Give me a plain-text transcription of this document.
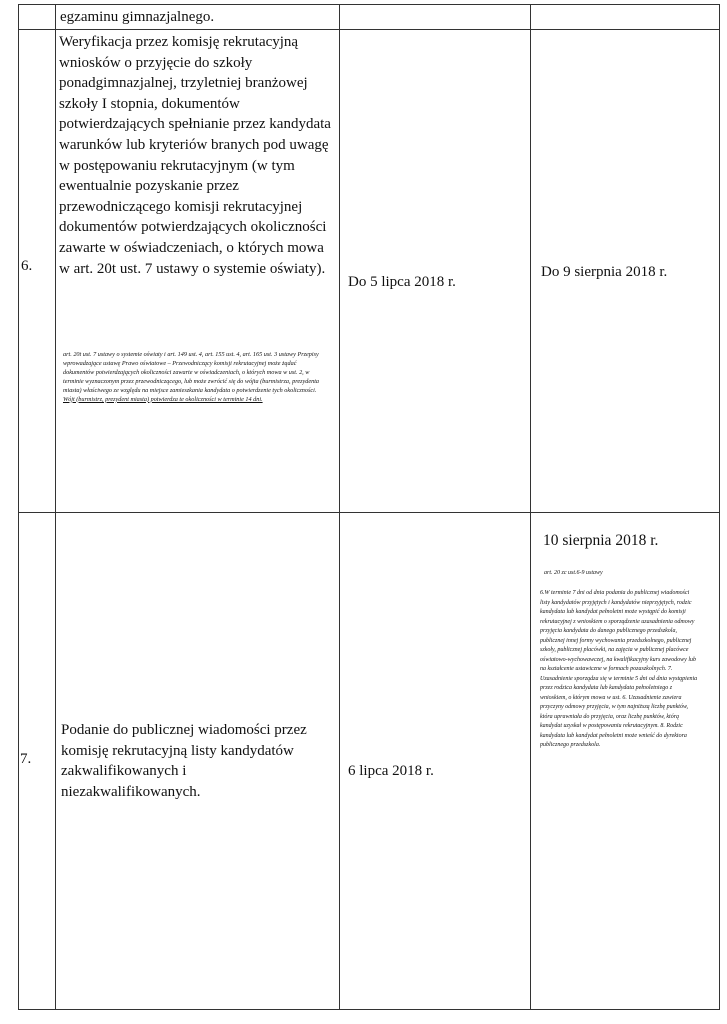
egzaminu gimnazjalnego.
6.
Weryfikacja przez komisję rekrutacyjną wniosków o przyjęcie do szkoły ponadgimnazjalnej, trzyletniej branżowej szkoły I stopnia, dokumentów potwierdzających spełnianie przez kandydata warunków lub kryteriów branych pod uwagę w postępowaniu rekrutacyjnym (w tym ewentualnie pozyskanie przez przewodniczącego komisji rekrutacyjnej dokumentów potwierdzających okoliczności zawarte w oświadczeniach, o których mowa w art. 20t ust. 7 ustawy o systemie oświaty).
art. 20t ust. 7 ustawy o systemie oświaty i art. 149 ust. 4, art. 155 ust. 4, art. 165 ust. 3 ustawy Przepisy wprowadzające ustawę Prawo oświatowe – Przewodniczący komisji rekrutacyjnej może żądać dokumentów potwierdzających okoliczności zawarte w oświadczeniach, o których mowa w ust. 2, w terminie wyznaczonym przez przewodniczącego, lub może zwrócić się do wójta (burmistrza, prezydenta miasta) właściwego ze względu na miejsce zamieszkania kandydata o potwierdzenie tych okoliczności. Wójt (burmistrz, prezydent miasta) potwierdza te okoliczności w terminie 14 dni.
Do 5 lipca 2018 r.
Do 9 sierpnia 2018 r.
7.
Podanie do publicznej wiadomości przez komisję rekrutacyjną listy kandydatów zakwalifikowanych i niezakwalifikowanych.
6 lipca 2018 r.
10 sierpnia 2018 r.
art. 20 zc ust.6-9 ustawy
6.W terminie 7 dni od dnia podania do publicznej wiadomości listy kandydatów przyjętych i kandydatów nieprzyjętych, rodzic kandydata lub kandydat pełnoletni może wystąpić do komisji rekrutacyjnej z wnioskiem o sporządzenie uzasadnienia odmowy przyjęcia kandydata do danego publicznego przedszkola, publicznej innej formy wychowania przedszkolnego, publicznej szkoły, publicznej placówki, na zajęcia w publicznej placówce oświatowo-wychowawczej, na kwalifikacyjny kurs zawodowy lub na kształcenie ustawiczne w formach pozaszkolnych. 7. Uzasadnienie sporządza się w terminie 5 dni od dnia wystąpienia przez rodzica kandydata lub kandydata pełnoletniego z wnioskiem, o którym mowa w ust. 6. Uzasadnienie zawiera przyczyny odmowy przyjęcia, w tym najniższą liczbę punktów, która uprawniała do przyjęcia, oraz liczbę punktów, którą kandydat uzyskał w postępowaniu rekrutacyjnym. 8. Rodzic kandydata lub kandydat pełnoletni może wnieść do dyrektora publicznego przedszkola.
